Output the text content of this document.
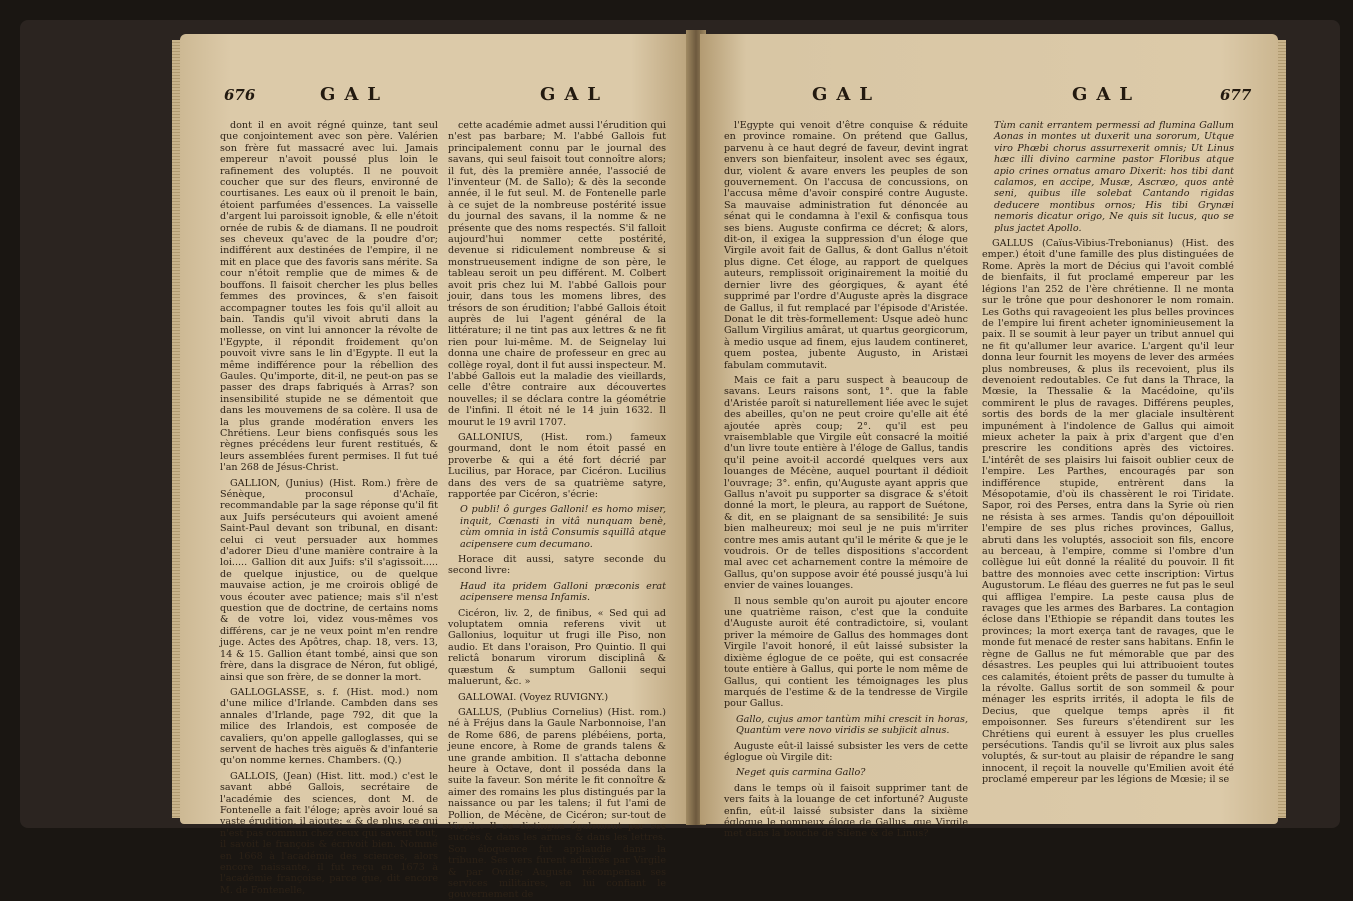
676	GAL	GAL

dont il en avoit régné quinze, tant seul que conjointement avec son père. Valérien son frère fut massacré avec lui. Jamais empereur n'avoit poussé plus loin le rafinement des voluptés. Il ne pouvoit coucher que sur des fleurs, environné de courtisanes. Les eaux où il prenoit le bain, étoient parfumées d'essences. La vaisselle d'argent lui paroissoit ignoble, & elle n'étoit ornée de rubis & de diamans. Il ne poudroit ses cheveux qu'avec de la poudre d'or; indifférent aux destinées de l'empire, il ne mit en place que des favoris sans mérite. Sa cour n'étoit remplie que de mimes & de bouffons. Il faisoit chercher les plus belles femmes des provinces, & s'en faisoit accompagner toutes les fois qu'il alloit au bain. Tandis qu'il vivoit abruti dans la mollesse, on vint lui annoncer la révolte de l'Egypte, il répondit froidement qu'on pouvoit vivre sans le lin d'Egypte. Il eut la même indifférence pour la rébellion des Gaules. Qu'importe, dit-il, ne peut-on pas se passer des draps fabriqués à Arras? son insensibilité stupide ne se démentoit que dans les mouvemens de sa colère. Il usa de la plus grande modération envers les Chrétiens. Leur biens confisqués sous les règnes précédens leur furent restitués, & leurs assemblées furent permises. Il fut tué l'an 268 de Jésus-Christ.

GALLION, (Junius) (Hist. Rom.) frère de Sénèque, proconsul d'Achaïe, recommandable par la sage réponse qu'il fit aux Juifs persécuteurs qui avoient amené Saint-Paul devant son tribunal, en disant: celui ci veut persuader aux hommes d'adorer Dieu d'une manière contraire à la loi..... Gallion dit aux Juifs: s'il s'agissoit..... de quelque injustice, ou de quelque mauvaise action, je me croirois obligé de vous écouter avec patience; mais s'il n'est question que de doctrine, de certains noms & de votre loi, videz vous-mêmes vos différens, car je ne veux point m'en rendre juge. Actes des Apôtres, chap. 18, vers. 13, 14 & 15. Gallion étant tombé, ainsi que son frère, dans la disgrace de Néron, fut obligé, ainsi que son frère, de se donner la mort.

GALLOGLASSE, s. f. (Hist. mod.) nom d'une milice d'Irlande. Cambden dans ses annales d'Irlande, page 792, dit que la milice des Irlandois, est composée de cavaliers, qu'on appelle galloglasses, qui se servent de haches très aiguës & d'infanterie qu'on nomme kernes. Chambers. (Q.)

GALLOIS, (Jean) (Hist. litt. mod.) c'est le savant abbé Gallois, secrétaire de l'académie des sciences, dont M. de Fontenelle a fait l'éloge; après avoir loué sa vaste érudition, il ajoute: « & de plus, ce qui n'est pas commun chez ceux qui savent tout, il savoit le françois & écrivoit bien. Nommé en 1668 à l'académie des sciences, alors encore naissante, il fut reçu en 1673 à l'académie françoise, parce que, dit encore M. de Fontenelle,

cette académie admet aussi l'érudition qui n'est pas barbare; M. l'abbé Gallois fut principalement connu par le journal des savans, qui seul faisoit tout connoître alors; il fut, dès la première année, l'associé de l'inventeur (M. de Sallo); & dès la seconde année, il le fut seul. M. de Fontenelle parle à ce sujet de la nombreuse postérité issue du journal des savans, il la nomme & ne présente que des noms respectés. S'il falloit aujourd'hui nommer cette postérité, devenue si ridiculement nombreuse & si monstrueusement indigne de son père, le tableau seroit un peu différent. M. Colbert avoit pris chez lui M. l'abbé Gallois pour jouir, dans tous les momens libres, des trésors de son érudition; l'abbé Gallois étoit auprès de lui l'agent général de la littérature; il ne tint pas aux lettres & ne fit rien pour lui-même. M. de Seignelay lui donna une chaire de professeur en grec au collège royal, dont il fut aussi inspecteur. M. l'abbé Gallois eut la maladie des vieillards, celle d'être contraire aux découvertes nouvelles; il se déclara contre la géométrie de l'infini. Il étoit né le 14 juin 1632. Il mourut le 19 avril 1707.

GALLONIUS, (Hist. rom.) fameux gourmand, dont le nom étoit passé en proverbe & qui a été fort décrié par Lucilius, par Horace, par Cicéron. Lucilius dans des vers de sa quatrième satyre, rapportée par Cicéron, s'écrie:

O publi! ô gurges Galloni! es homo miser, inquit, Cœnasti in vitâ nunquam benè, cùm omnia in istâ Consumis squillâ atque acipensere cum decumano.

Horace dit aussi, satyre seconde du second livre:

Haud ita pridem Galloni præconis erat acipensere mensa Infamis.

Cicéron, liv. 2, de finibus, « Sed qui ad voluptatem omnia referens vivit ut Gallonius, loquitur ut frugi ille Piso, non audio. Et dans l'oraison, Pro Quintio. Il qui relictâ bonarum virorum disciplinâ & quæstum & sumptum Gallonii sequi maluerunt, &c. »

GALLOWAI. (Voyez RUVIGNY.)

GALLUS, (Publius Cornelius) (Hist. rom.) né à Fréjus dans la Gaule Narbonnoise, l'an de Rome 686, de parens plébéiens, porta, jeune encore, à Rome de grands talens & une grande ambition. Il s'attacha debonne heure à Octave, dont il posséda dans la suite la faveur. Son mérite le fit connoître & aimer des romains les plus distingués par la naissance ou par les talens; il fut l'ami de Pollion, de Mécène, de Cicéron; sur-tout de Virgile. Il se distingua également par ses succès & dans les armes & dans les lettres. Son éloquence fut applaudie dans la tribune. Ses vers furent admirés par Virgile & par Ovide; Auguste récompensa ses services militaires, en lui confiant le gouvernement de

GAL	GAL	677

l'Egypte qui venoit d'être conquise & réduite en province romaine. On prétend que Gallus, parvenu à ce haut degré de faveur, devint ingrat envers son bienfaiteur, insolent avec ses égaux, dur, violent & avare envers les peuples de son gouvernement. On l'accusa de concussions, on l'accusa même d'avoir conspiré contre Auguste. Sa mauvaise administration fut dénoncée au sénat qui le condamna à l'exil & confisqua tous ses biens. Auguste confirma ce décret; & alors, dit-on, il exigea la suppression d'un éloge que Virgile avoit fait de Gallus, & dont Gallus n'étoit plus digne. Cet éloge, au rapport de quelques auteurs, remplissoit originairement la moitié du dernier livre des géorgiques, & ayant été supprimé par l'ordre d'Auguste après la disgrace de Gallus, il fut remplacé par l'épisode d'Aristée. Donat le dit très-formellement: Usque adeò hunc Gallum Virgilius amârat, ut quartus georgicorum, à medio usque ad finem, ejus laudem contineret, quem postea, jubente Augusto, in Aristæi fabulam commutavit.

Mais ce fait a paru suspect à beaucoup de savans. Leurs raisons sont, 1°. que la fable d'Aristée paroît si naturellement liée avec le sujet des abeilles, qu'on ne peut croire qu'elle ait été ajoutée après coup; 2°. qu'il est peu vraisemblable que Virgile eût consacré la moitié d'un livre toute entière à l'éloge de Gallus, tandis qu'il peine avoit-il accordé quelques vers aux louanges de Mécène, auquel pourtant il dédioit l'ouvrage; 3°. enfin, qu'Auguste ayant appris que Gallus n'avoit pu supporter sa disgrace & s'étoit donné la mort, le pleura, au rapport de Suétone, & dit, en se plaignant de sa sensibilité: Je suis bien malheureux; moi seul je ne puis m'irriter contre mes amis autant qu'il le mérite & que je le voudrois. Or de telles dispositions s'accordent mal avec cet acharnement contre la mémoire de Gallus, qu'on suppose avoir été poussé jusqu'à lui envier de vaines louanges.

Il nous semble qu'on auroit pu ajouter encore une quatrième raison, c'est que la conduite d'Auguste auroit été contradictoire, si, voulant priver la mémoire de Gallus des hommages dont Virgile l'avoit honoré, il eût laissé subsister la dixième églogue de ce poëte, qui est consacrée toute entière à Gallus, qui porte le nom même de Gallus, qui contient les témoignages les plus marqués de l'estime & de la tendresse de Virgile pour Gallus.

Gallo, cujus amor tantùm mihi crescit in horas, Quantùm vere novo viridis se subjicit alnus.

Auguste eût-il laissé subsister les vers de cette églogue où Virgile dit:

Neget quis carmina Gallo?

dans le temps où il faisoit supprimer tant de vers faits à la louange de cet infortuné? Auguste enfin, eût-il laissé subsister dans la sixième églogue le pompeux éloge de Gallus, que Virgile met dans la bouche de Silène & de Linus?

Tùm canit errantem permessi ad flumina Gallum Aonas in montes ut duxerit una sororum, Utque viro Phœbi chorus assurrexerit omnis; Ut Linus hæc illi divino carmine pastor Floribus atque apio crines ornatus amaro Dixerit: hos tibi dant calamos, en accipe, Musæ, Ascræo, quos antè seni, quibus ille solebat Cantando rigidas deducere montibus ornos; His tibi Grynæi nemoris dicatur origo, Ne quis sit lucus, quo se plus jactet Apollo.

GALLUS (Caïus-Vibius-Trebonianus) (Hist. des emper.) étoit d'une famille des plus distinguées de Rome. Après la mort de Décius qui l'avoit comblé de bienfaits, il fut proclamé empereur par les légions l'an 252 de l'ère chrétienne. Il ne monta sur le trône que pour deshonorer le nom romain. Les Goths qui ravageoient les plus belles provinces de l'empire lui firent acheter ignominieusement la paix. Il se soumit à leur payer un tribut annuel qui ne fit qu'allumer leur avarice. L'argent qu'il leur donna leur fournit les moyens de lever des armées plus nombreuses, & plus ils recevoient, plus ils devenoient redoutables. Ce fut dans la Thrace, la Mœsie, la Thessalie & la Macédoine, qu'ils commirent le plus de ravages. Différens peuples, sortis des bords de la mer glaciale insultèrent impunément à l'indolence de Gallus qui aimoit mieux acheter la paix à prix d'argent que d'en prescrire les conditions après des victoires. L'intérêt de ses plaisirs lui faisoit oublier ceux de l'empire. Les Parthes, encouragés par son indifférence stupide, entrèrent dans la Mésopotamie, d'où ils chassèrent le roi Tiridate. Sapor, roi des Perses, entra dans la Syrie où rien ne résista à ses armes. Tandis qu'on dépouilloit l'empire de ses plus riches provinces, Gallus, abruti dans les voluptés, associoit son fils, encore au berceau, à l'empire, comme si l'ombre d'un collègue lui eût donné la réalité du pouvoir. Il fit battre des monnoies avec cette inscription: Virtus Augustorum. Le fléau des guerres ne fut pas le seul qui affligea l'empire. La peste causa plus de ravages que les armes des Barbares. La contagion éclose dans l'Ethiopie se répandit dans toutes les provinces; la mort exerça tant de ravages, que le monde fut menacé de rester sans habitans. Enfin le règne de Gallus ne fut mémorable que par des désastres. Les peuples qui lui attribuoient toutes ces calamités, étoient prêts de passer du tumulte à la révolte. Gallus sortit de son sommeil & pour ménager les esprits irrités, il adopta le fils de Decius, que quelque temps après il fit empoisonner. Ses fureurs s'étendirent sur les Chrétiens qui eurent à essuyer les plus cruelles persécutions. Tandis qu'il se livroit aux plus sales voluptés, & sur-tout au plaisir de répandre le sang innocent, il reçoit la nouvelle qu'Emilien avoit été proclamé empereur par les légions de Mœsie; il se
